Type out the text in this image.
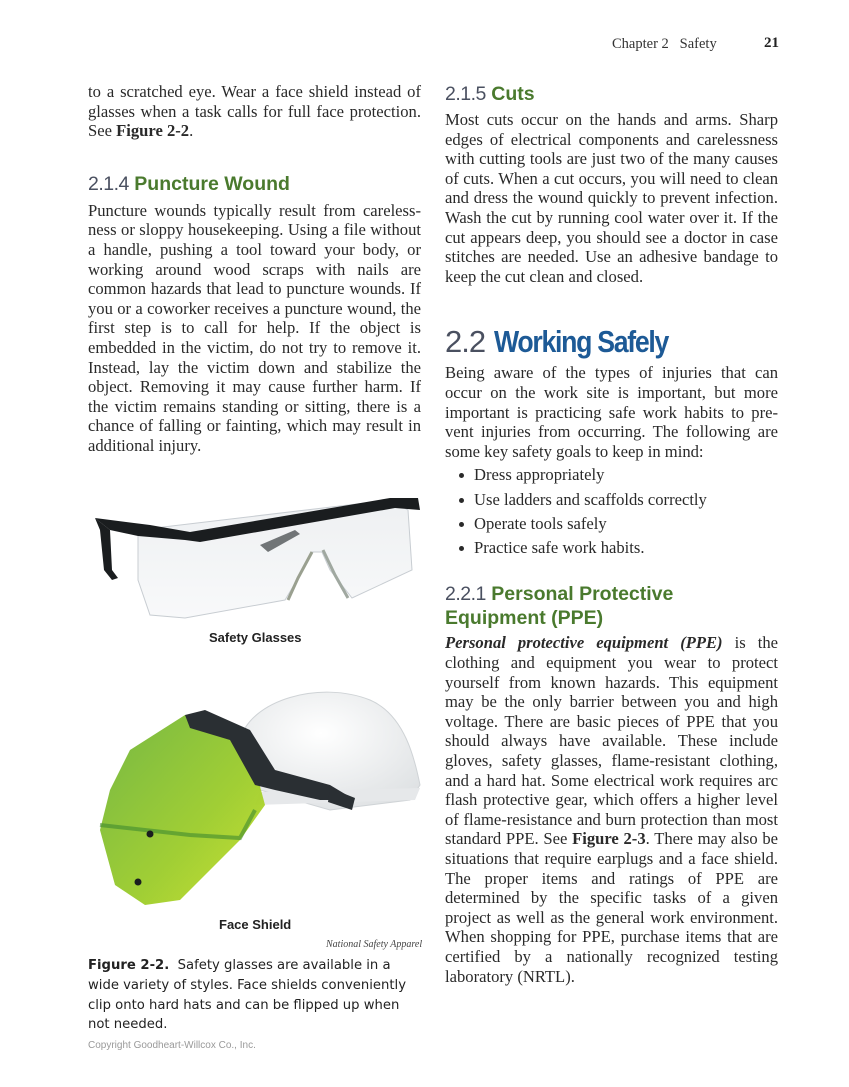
Chapter 2   Safety	21

to a scratched eye. Wear a face shield instead of glasses when a task calls for full face protection. See Figure 2-2.

2.1.4 Puncture Wound

Puncture wounds typically result from carelessness or sloppy housekeeping. Using a file without a handle, pushing a tool toward your body, or working around wood scraps with nails are common hazards that lead to puncture wounds. If you or a coworker receives a puncture wound, the first step is to call for help. If the object is embedded in the victim, do not try to remove it. Instead, lay the victim down and stabilize the object. Removing it may cause further harm. If the victim remains standing or sitting, there is a chance of falling or fainting, which may result in additional injury.

Safety Glasses
Face Shield
National Safety Apparel
Figure 2-2. Safety glasses are available in a wide variety of styles. Face shields conveniently clip onto hard hats and can be flipped up when not needed.
2.1.5 Cuts

Most cuts occur on the hands and arms. Sharp edges of electrical components and carelessness with cutting tools are just two of the many causes of cuts. When a cut occurs, you will need to clean and dress the wound quickly to prevent infection. Wash the cut by running cool water over it. If the cut appears deep, you should see a doctor in case stitches are needed. Use an adhesive bandage to keep the cut clean and closed.

2.2 Working Safely

Being aware of the types of injuries that can occur on the work site is important, but more important is practicing safe work habits to prevent injuries from occurring. The following are some key safety goals to keep in mind:

Dress appropriately
Use ladders and scaffolds correctly
Operate tools safely
Practice safe work habits.
2.2.1 Personal Protective
Equipment (PPE)

Personal protective equipment (PPE) is the clothing and equipment you wear to protect yourself from known hazards. This equipment may be the only barrier between you and high voltage. There are basic pieces of PPE that you should always have available. These include gloves, safety glasses, flame-resistant clothing, and a hard hat. Some electrical work requires arc flash protective gear, which offers a higher level of flame-resistance and burn protection than most standard PPE. See Figure 2-3. There may also be situations that require earplugs and a face shield. The proper items and ratings of PPE are determined by the specific tasks of a given project as well as the general work environment. When shopping for PPE, purchase items that are certified by a nationally recognized testing laboratory (NRTL).

Copyright Goodheart-Willcox Co., Inc.
